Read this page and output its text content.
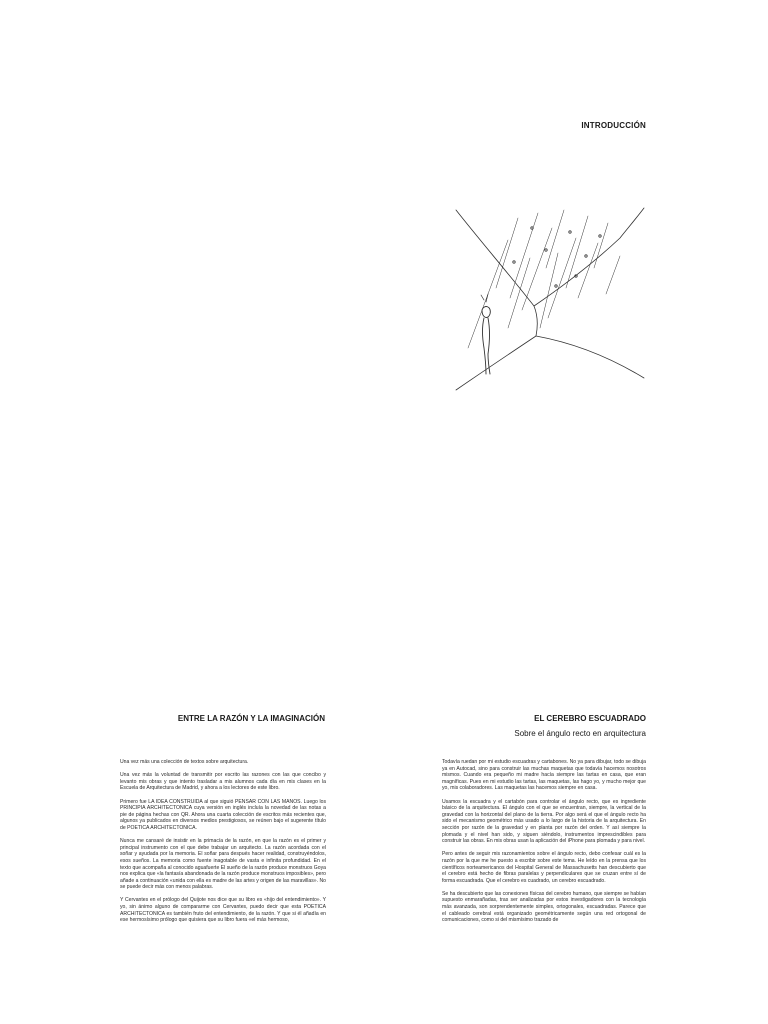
INTRODUCCIÓN
ENTRE LA RAZÓN Y LA IMAGINACIÓN

Una vez más una colección de textos sobre arquitectura.

Una vez más la voluntad de transmitir por escrito las razones con las que concibo y levanto mis obras y que intento trasladar a mis alumnos cada día en mis clases en la Escuela de Arquitectura de Madrid, y ahora a los lectores de este libro.

Primero fue LA IDEA CONSTRUIDA al que siguió PENSAR CON LAS MANOS. Luego los PRINCIPIA ARCHITECTONICA cuya versión en inglés incluía la novedad de las notas a pie de página hechas con QR. Ahora una cuarta colección de escritos más recientes que, algunos ya publicados en diversos medios prestigiosos, se reúnen bajo el sugerente título de POETICA ARCHITECTONICA.

Nunca me cansaré de insistir en la primacía de la razón, en que la razón es el primer y principal instrumento con el que debe trabajar un arquitecto. La razón acordada con el soñar y ayudada por la memoria. El soñar para después hacer realidad, construyéndolos, esos sueños. La memoria como fuente inagotable de vasta e infinita profundidad. En el texto que acompaña al conocido aguafuerte El sueño de la razón produce monstruos Goya nos explica que «la fantasía abandonada de la razón produce monstruos imposibles», pero añade a continuación «unida con ella es madre de las artes y origen de las maravillas». No se puede decir más con menos palabras.

Y Cervantes en el prólogo del Quijote nos dice que su libro es «hijo del entendimiento». Y yo, sin ánimo alguno de compararme con Cervantes, puedo decir que esta POETICA ARCHITECTONICA es también fruto del entendimiento, de la razón. Y que si él añadía en ese hermosísimo prólogo que quisiera que su libro fuera «el más hermoso,

EL CEREBRO ESCUADRADO
Sobre el ángulo recto en arquitectura

Todavía ruedan por mi estudio escuadras y cartabones. No ya para dibujar, todo se dibuja ya en Autocad, sino para construir las muchas maquetas que todavía hacemos nosotros mismos. Cuando era pequeño mi madre hacía siempre las tartas en casa, que eran magníficas. Pues en mi estudio las tartas, las maquetas, las hago yo, y mucho mejor que yo, mis colaboradores. Las maquetas las hacemos siempre en casa.

Usamos la escuadra y el cartabón para controlar el ángulo recto, que es ingrediente básico de la arquitectura. El ángulo con el que se encuentran, siempre, la vertical de la gravedad con la horizontal del plano de la tierra. Por algo será el que el ángulo recto ha sido el mecanismo geométrico más usado a lo largo de la historia de la arquitectura. En sección por razón de la gravedad y en planta por razón del orden. Y así siempre la plomada y el nivel han sido, y siguen siéndolo, instrumentos imprescindibles para construir las obras. En mis obras usan la aplicación del iPhone para plomada y para nivel.

Pero antes de seguir mis razonamientos sobre el ángulo recto, debo confesar cuál es la razón por la que me he puesto a escribir sobre este tema. He leído en la prensa que los científicos norteamericanos del Hospital General de Massachusetts han descubierto que el cerebro está hecho de fibras paralelas y perpendiculares que se cruzan entre sí de forma escuadrada. Que el cerebro es cuadrado, un cerebro escuadrado.

Se ha descubierto que las conexiones físicas del cerebro humano, que siempre se habían supuesto enmarañadas, tras ser analizadas por estos investigadores con la tecnología más avanzada, son sorprendentemente simples, ortogonales, escuadradas. Parece que el cableado cerebral está organizado geométricamente según una red ortogonal de comunicaciones, como si del mismísimo trazado de
